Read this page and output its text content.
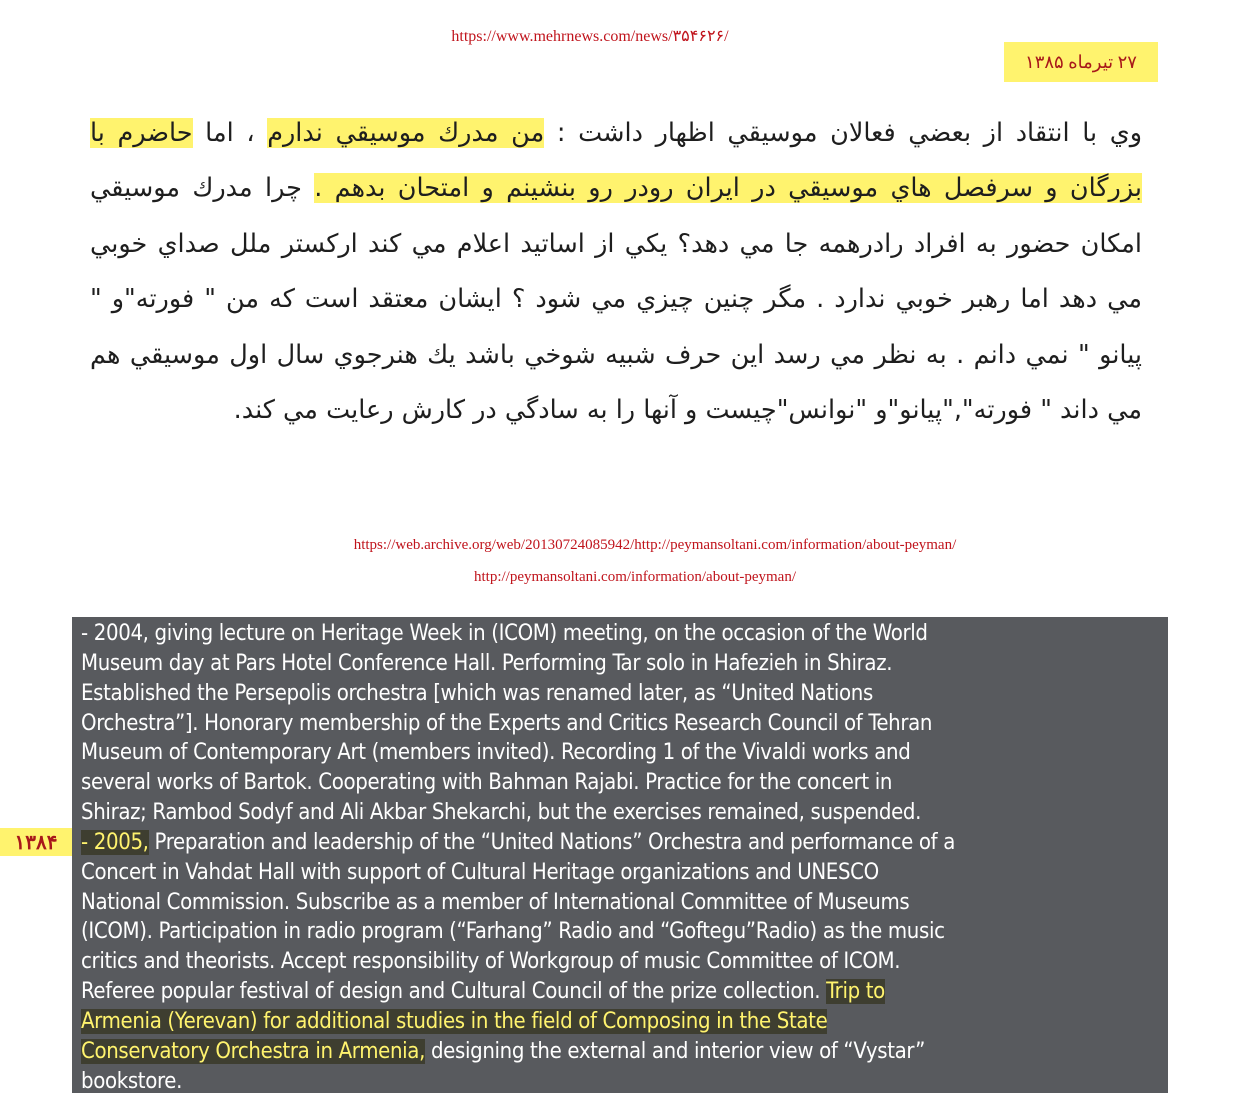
https://www.mehrnews.com/news/۳۵۴۶۲۶/
۲۷ تیرماه ۱۳۸۵
وي با انتقاد از بعضي فعالان موسيقي اظهار داشت : من مدرك موسيقي ندارم ، اما حاضرم با بزرگان و سرفصل هاي موسيقي در ايران رودر رو بنشينم و امتحان بدهم . چرا مدرك موسيقي امكان حضور به افراد رادرهمه جا مي دهد؟ يكي از اساتيد اعلام مي كند اركستر ملل صداي خوبي مي دهد اما رهبر خوبي ندارد . مگر چنين چيزي مي شود ؟ ايشان معتقد است كه من " فورته"و " پيانو " نمي دانم . به نظر مي رسد اين حرف شبيه شوخي باشد يك هنرجوي سال اول موسيقي هم مي داند " فورته","پيانو"و "نوانس"چيست و آنها را به سادگي در كارش رعايت مي كند.
https://web.archive.org/web/20130724085942/http://peymansoltani.com/information/about-peyman/
http://peymansoltani.com/information/about-peyman/
- 2004, giving lecture on Heritage Week in (ICOM) meeting, on the occasion of the World
Museum day at Pars Hotel Conference Hall. Performing Tar solo in Hafezieh in Shiraz.
Established the Persepolis orchestra [which was renamed later, as “United Nations
Orchestra”]. Honorary membership of the Experts and Critics Research Council of Tehran
Museum of Contemporary Art (members invited). Recording 1 of the Vivaldi works and
several works of Bartok. Cooperating with Bahman Rajabi. Practice for the concert in
Shiraz; Rambod Sodyf and Ali Akbar Shekarchi, but the exercises remained, suspended.
- 2005, Preparation and leadership of the “United Nations” Orchestra and performance of a
Concert in Vahdat Hall with support of Cultural Heritage organizations and UNESCO
National Commission. Subscribe as a member of International Committee of Museums
(ICOM). Participation in radio program (“Farhang” Radio and “Goftegu”Radio) as the music
critics and theorists. Accept responsibility of Workgroup of music Committee of ICOM.
Referee popular festival of design and Cultural Council of the prize collection. Trip to
Armenia (Yerevan) for additional studies in the field of Composing in the State
Conservatory Orchestra in Armenia, designing the external and interior view of “Vystar”
bookstore.
۱۳۸۴
